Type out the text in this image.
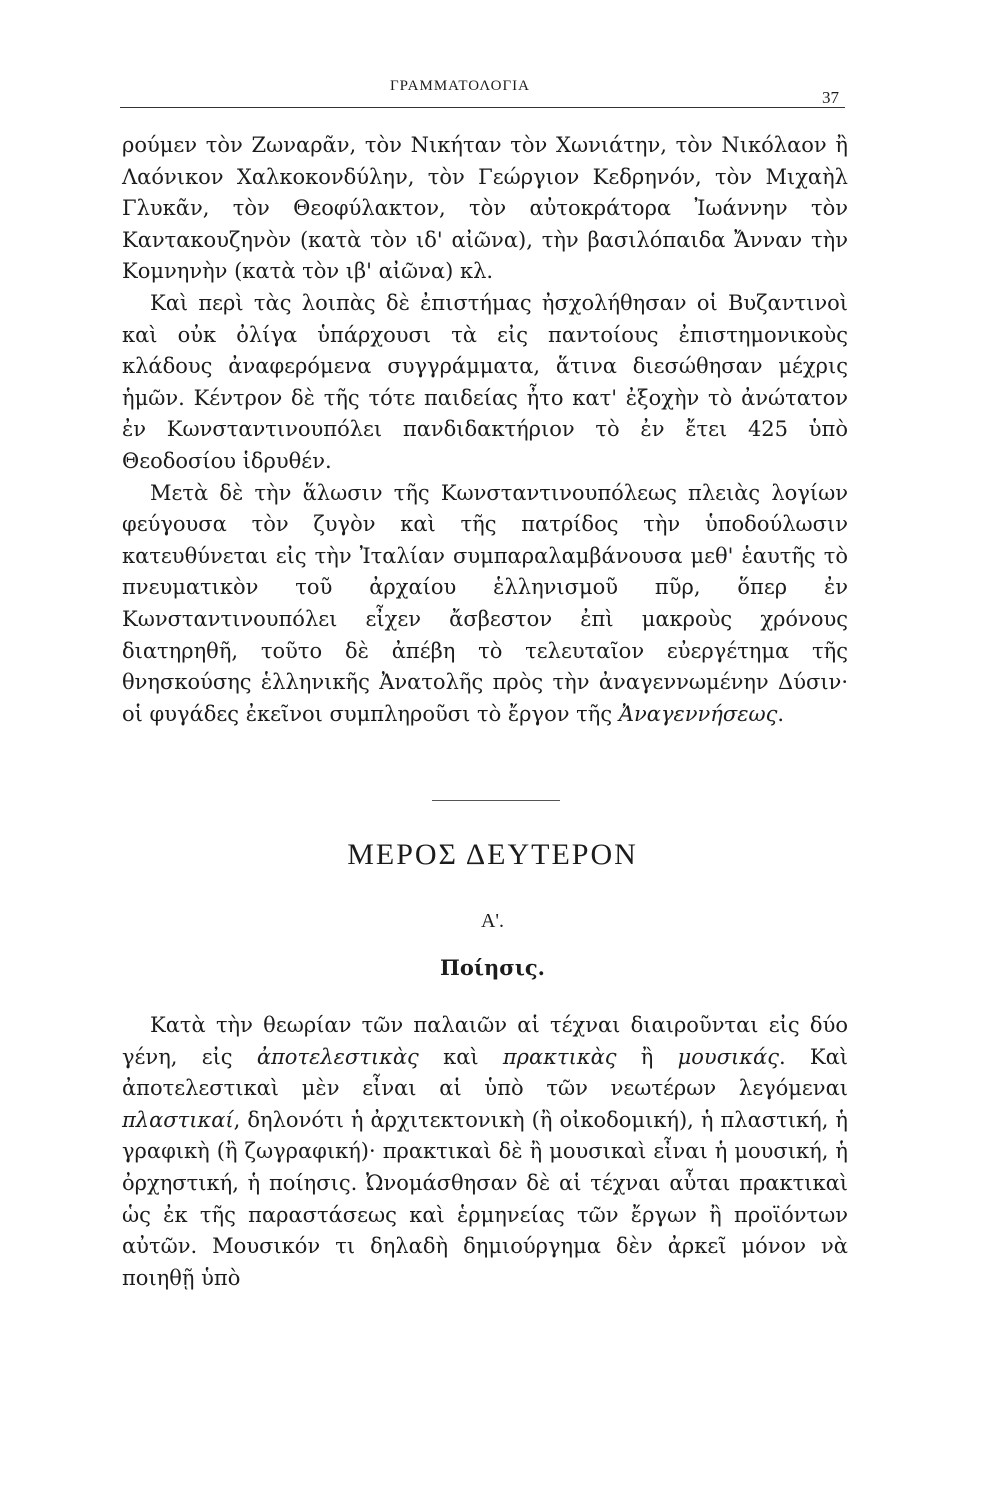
ΓΡΑΜΜΑΤΟΛΟΓΙΑ
37

ρούμεν τὸν Ζωναρᾶν, τὸν Νικήταν τὸν Χωνιάτην, τὸν Νικόλαον ἢ Λαόνικον Χαλκοκονδύλην, τὸν Γεώργιον Κεδρηνόν, τὸν Μιχαὴλ Γλυκᾶν, τὸν Θεοφύλακτον, τὸν αὐτοκράτορα Ἰωάννην τὸν Καντακουζηνὸν (κατὰ τὸν ιδ' αἰῶνα), τὴν βασιλόπαιδα Ἄνναν τὴν Κομνηνὴν (κατὰ τὸν ιβ' αἰῶνα) κλ.

Καὶ περὶ τὰς λοιπὰς δὲ ἐπιστήμας ἠσχολήθησαν οἱ Βυζαντινοὶ καὶ οὐκ ὀλίγα ὑπάρχουσι τὰ εἰς παντοίους ἐπιστημονικοὺς κλάδους ἀναφερόμενα συγγράμματα, ἅτινα διεσώθησαν μέχρις ἡμῶν. Κέντρον δὲ τῆς τότε παιδείας ἦτο κατ' ἐξοχὴν τὸ ἀνώτατον ἐν Κωνσταντινουπόλει πανδιδακτήριον τὸ ἐν ἔτει 425 ὑπὸ Θεοδοσίου ἱδρυθέν.

Μετὰ δὲ τὴν ἅλωσιν τῆς Κωνσταντινουπόλεως πλειὰς λογίων φεύγουσα τὸν ζυγὸν καὶ τῆς πατρίδος τὴν ὑποδούλωσιν κατευθύνεται εἰς τὴν Ἰταλίαν συμπαραλαμβάνουσα μεθ' ἑαυτῆς τὸ πνευματικὸν τοῦ ἀρχαίου ἑλληνισμοῦ πῦρ, ὅπερ ἐν Κωνσταντινουπόλει εἶχεν ἄσβεστον ἐπὶ μακροὺς χρόνους διατηρηθῆ, τοῦτο δὲ ἀπέβη τὸ τελευταῖον εὐεργέτημα τῆς θνησκούσης ἑλληνικῆς Ἀνατολῆς πρὸς τὴν ἀναγεννωμένην Δύσιν· οἱ φυγάδες ἐκεῖνοι συμπληροῦσι τὸ ἔργον τῆς Ἀναγεννήσεως.

ΜΕΡΟΣ ΔΕΥΤΕΡΟΝ
Α'.
Ποίησις.

Κατὰ τὴν θεωρίαν τῶν παλαιῶν αἱ τέχναι διαιροῦνται εἰς δύο γένη, εἰς ἀποτελεστικὰς καὶ πρακτικὰς ἢ μουσικάς. Καὶ ἀποτελεστικαὶ μὲν εἶναι αἱ ὑπὸ τῶν νεωτέρων λεγόμεναι πλαστικαί, δηλονότι ἡ ἀρχιτεκτονικὴ (ἢ οἰκοδομική), ἡ πλαστική, ἡ γραφικὴ (ἢ ζωγραφική)· πρακτικαὶ δὲ ἢ μουσικαὶ εἶναι ἡ μουσική, ἡ ὀρχηστική, ἡ ποίησις. Ὠνομάσθησαν δὲ αἱ τέχναι αὗται πρακτικαὶ ὡς ἐκ τῆς παραστάσεως καὶ ἑρμηνείας τῶν ἔργων ἢ προϊόντων αὐτῶν. Μουσικόν τι δηλαδὴ δημιούργημα δὲν ἀρκεῖ μόνον νὰ ποιηθῇ ὑπὸ
